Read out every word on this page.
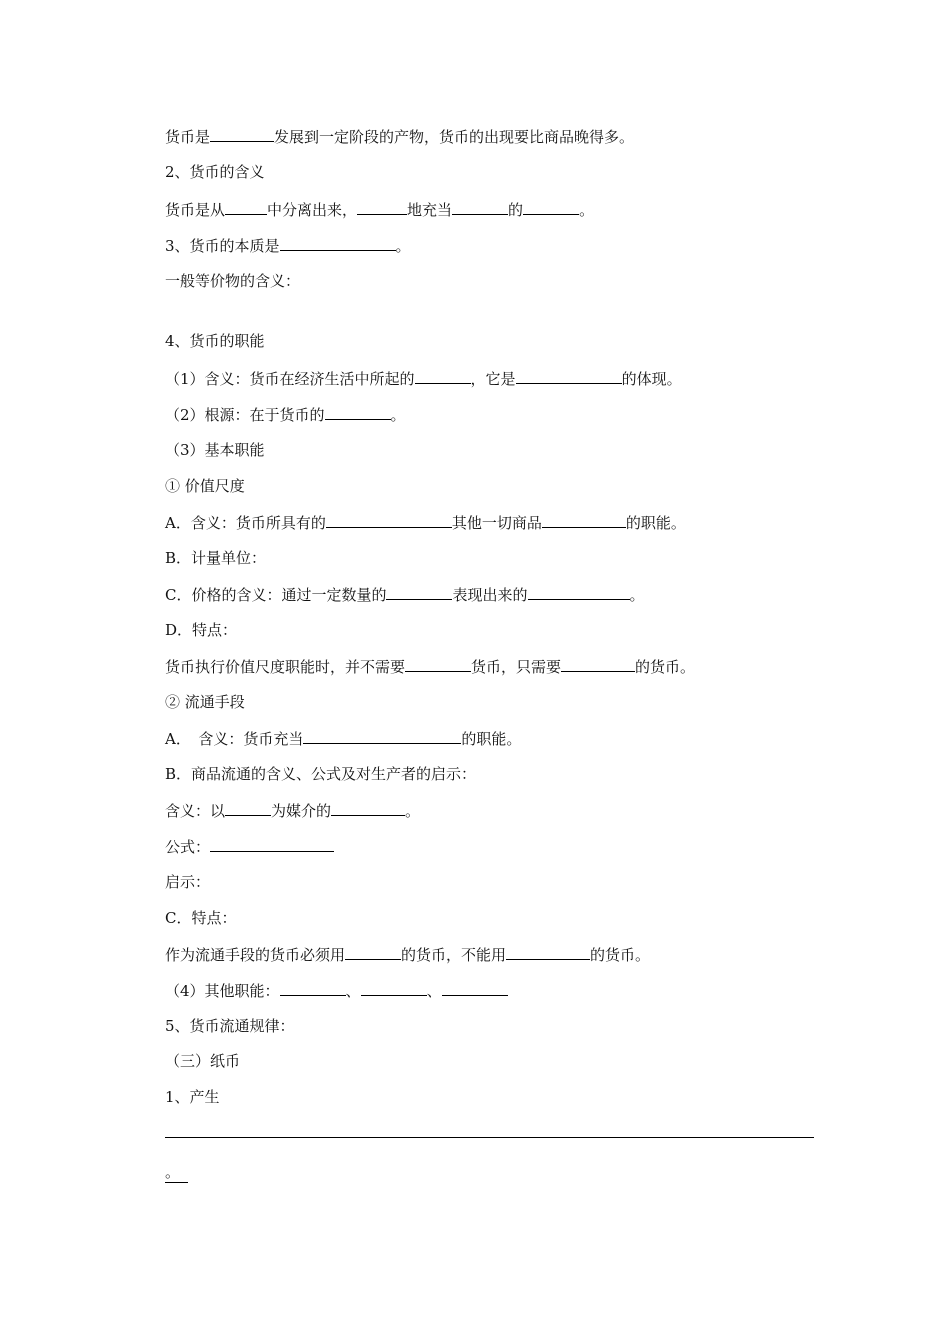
货币是	发展到一定阶段的产物，货币的出现要比商品晚得多。
2、货币的含义
货币是从	中分离出来，	地充当	的	。
3、货币的本质是	。
一般等价物的含义：
4、货币的职能
（1）含义：货币在经济生活中所起的	，它是	的体现。
（2）根源：在于货币的	。
（3）基本职能
① 价值尺度
A．含义：货币所具有的	其他一切商品	的职能。
B．计量单位：
C．价格的含义：通过一定数量的	表现出来的	。
D．特点：
货币执行价值尺度职能时，并不需要	货币，只需要	的货币。
② 流通手段
A．　含义：货币充当	的职能。
B．商品流通的含义、公式及对生产者的启示：
含义：以	为媒介的	。
公式：
启示：
C．特点：
作为流通手段的货币必须用	的货币，不能用	的货币。
（4）其他职能：	、	、
5、货币流通规律：
（三）纸币
1、产生
。
